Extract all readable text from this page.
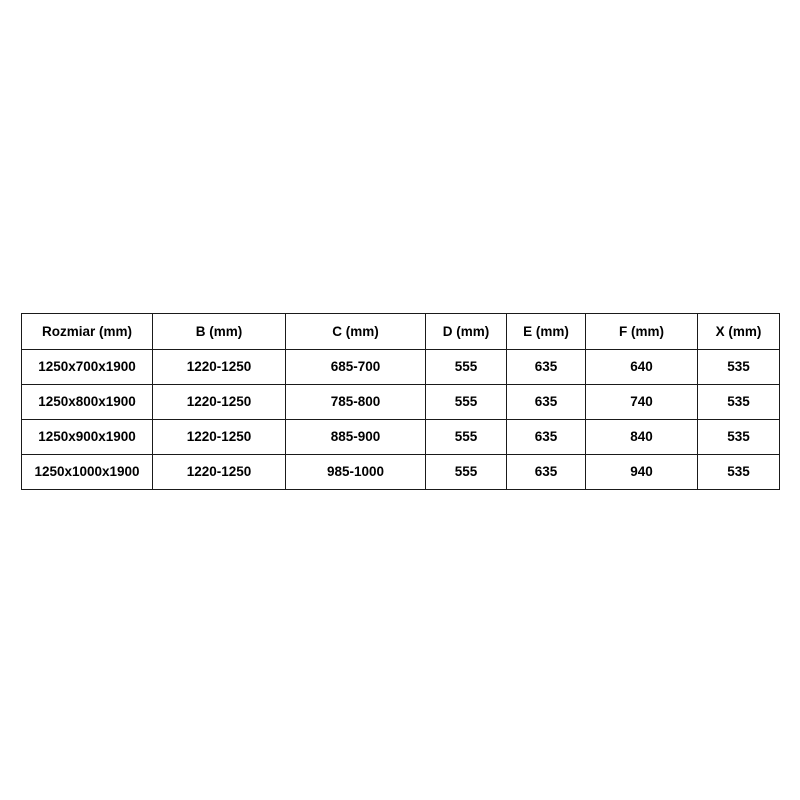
Rozmiar (mm)	B (mm)	C (mm)	D (mm)	E (mm)	F (mm)	X (mm)
1250x700x1900	1220-1250	685-700	555	635	640	535
1250x800x1900	1220-1250	785-800	555	635	740	535
1250x900x1900	1220-1250	885-900	555	635	840	535
1250x1000x1900	1220-1250	985-1000	555	635	940	535
